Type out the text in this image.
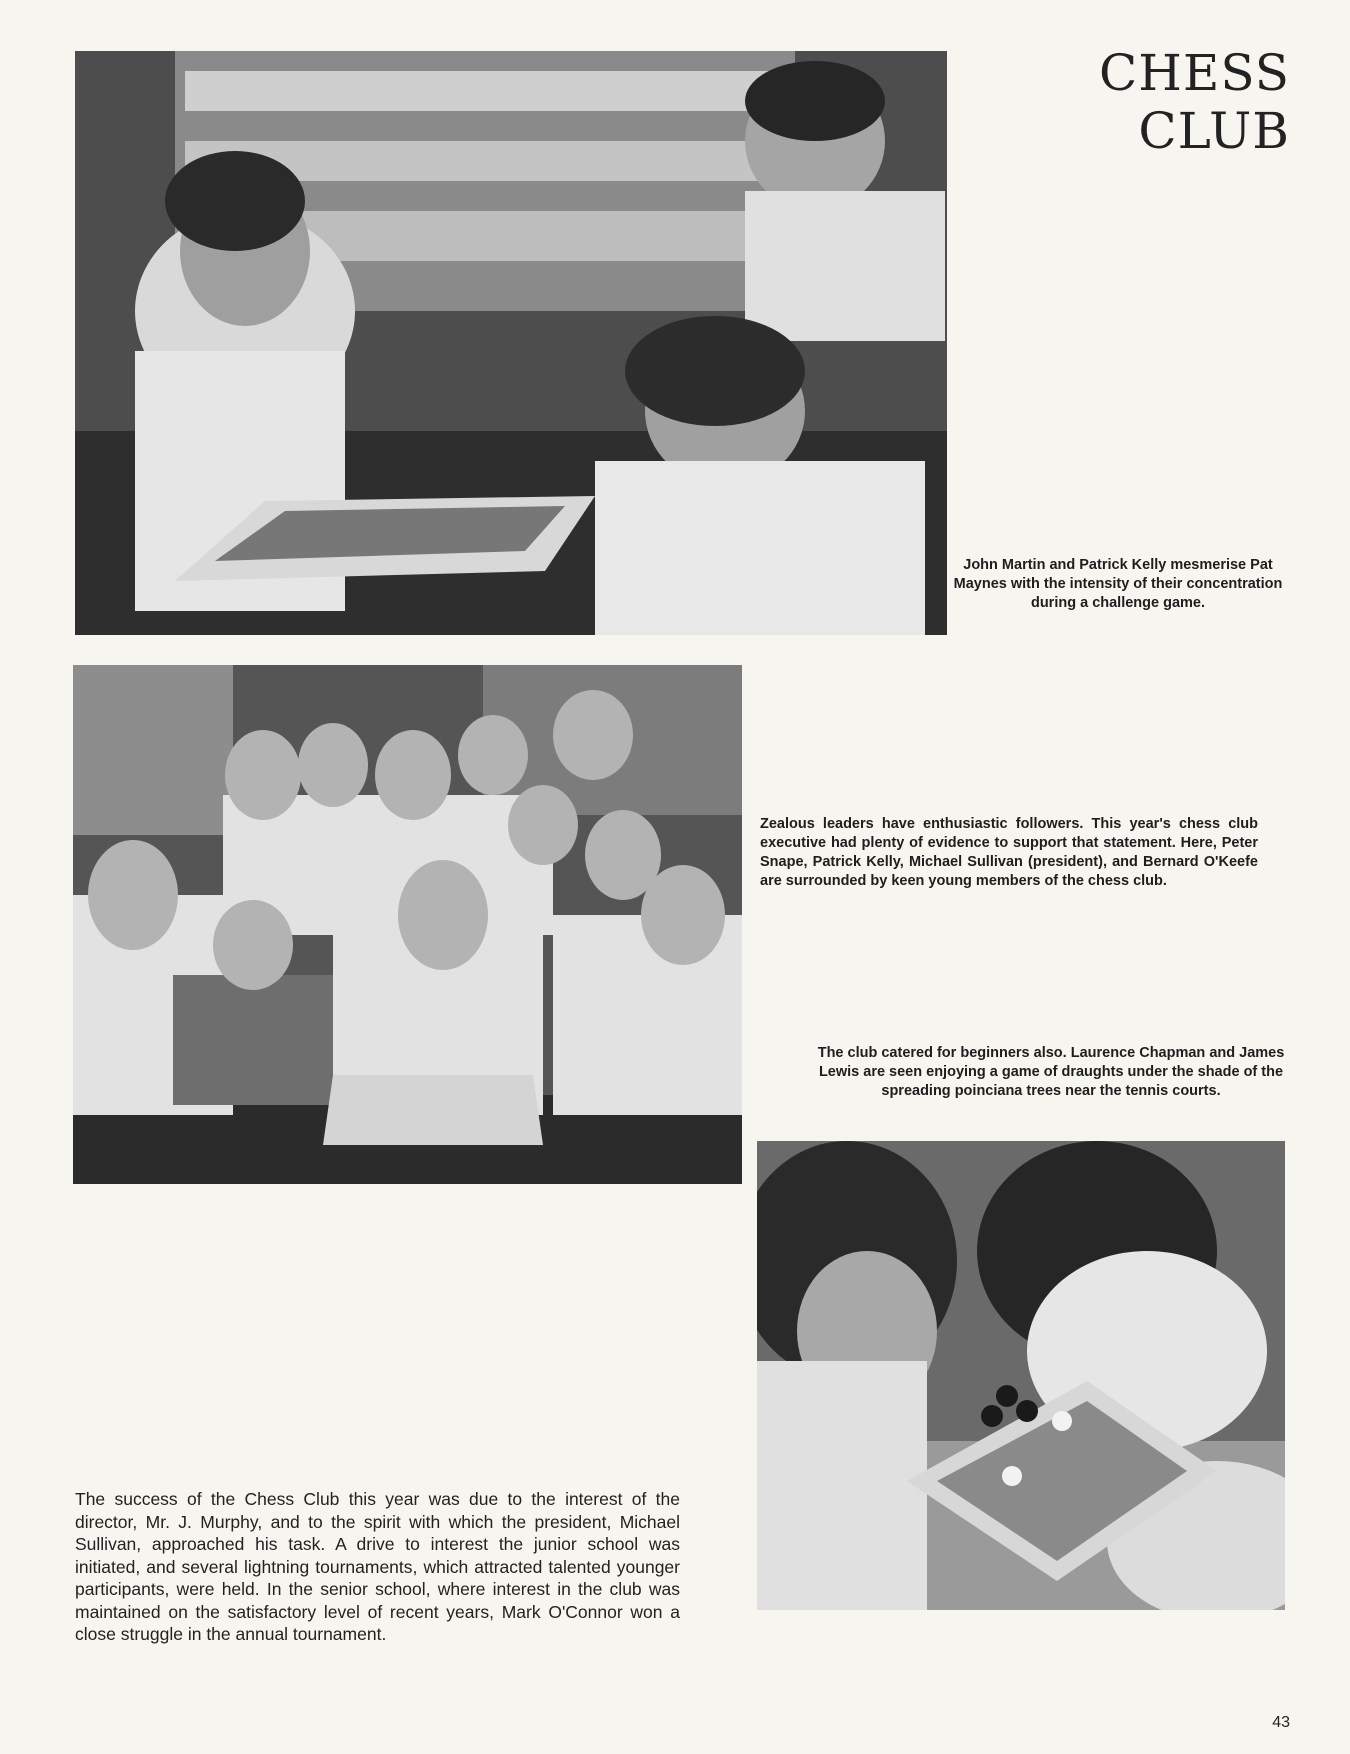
CHESS
CLUB
John Martin and Patrick Kelly mesmerise Pat Maynes with the intensity of their concentration during a challenge game.
Zealous leaders have enthusiastic followers. This year's chess club executive had plenty of evidence to support that statement. Here, Peter Snape, Patrick Kelly, Michael Sullivan (president), and Bernard O'Keefe are surrounded by keen young members of the chess club.
The club catered for beginners also. Laurence Chapman and James Lewis are seen enjoying a game of draughts under the shade of the spreading poinciana trees near the tennis courts.
The success of the Chess Club this year was due to the interest of the director, Mr. J. Murphy, and to the spirit with which the president, Michael Sullivan, approached his task. A drive to interest the junior school was initiated, and several lightning tournaments, which attracted talented younger participants, were held. In the senior school, where interest in the club was maintained on the satisfactory level of recent years, Mark O'Connor won a close struggle in the annual tournament.
43
